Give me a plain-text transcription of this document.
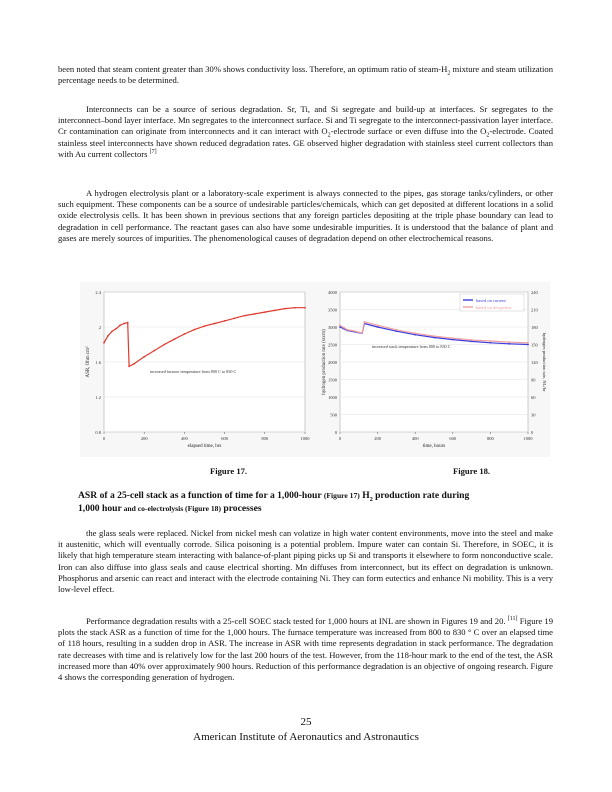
been noted that steam content greater than 30% shows conductivity loss. Therefore, an optimum ratio of steam-$H_2$ mixture and steam utilization percentage needs to be determined.

Interconnects can be a source of serious degradation. Sr, Ti, and Si segregate and build-up at interfaces. Sr segregates to the interconnect–bond layer interface. Mn segregates to the interconnect surface. Si and Ti segregate to the interconnect-passivation layer interface. Cr contamination can originate from interconnects and it can interact with $O_2$-electrode surface or even diffuse into the $O_2$-electrode. Coated stainless steel interconnects have shown reduced degradation rates. GE observed higher degradation with stainless steel current collectors than with Au current collectors [7]

A hydrogen electrolysis plant or a laboratory-scale experiment is always connected to the pipes, gas storage tanks/cylinders, or other such equipment. These components can be a source of undesirable particles/chemicals, which can get deposited at different locations in a solid oxide electrolysis cells. It has been shown in previous sections that any foreign particles depositing at the triple phase boundary can lead to degradation in cell performance. The reactant gases can also have some undesirable impurities. It is understood that the balance of plant and gases are merely sources of impurities. The phenomenological causes of degradation depend on other electrochemical reasons.

0.8
1.2
1.6
2
2.4
0	200	400	600	800	1000
elapsed time, hrs
ASR, Ohm cm²	increased furnace temperature from 800 C to 830 C
0
500
1000
1500
2000
2500
3000
3500
4000
0	200	400	600	800	1000
0
30
60
90
120
150
180
210
240
time, hours
hydrogen production rate (sccm)	hydrogen production rate, NL/hr
increased stack temperature from 800 to 830 C
based on current
based on dewpoints
Figure 17.	Figure 18.
ASR of a 25-cell stack as a function of time for a 1,000-hour (Figure 17) $H_2$ production rate during
1,000 hour and co-electrolysis (Figure 18) processes

the glass seals were replaced. Nickel from nickel mesh can volatize in high water content environments, move into the steel and make it austenitic, which will eventually corrode. Silica poisoning is a potential problem. Impure water can contain Si. Therefore, in SOEC, it is likely that high temperature steam interacting with balance-of-plant piping picks up Si and transports it elsewhere to form nonconductive scale. Iron can also diffuse into glass seals and cause electrical shorting. Mn diffuses from interconnect, but its effect on degradation is unknown. Phosphorus and arsenic can react and interact with the electrode containing Ni. They can form eutectics and enhance Ni mobility. This is a very low-level effect.

Performance degradation results with a 25-cell SOEC stack tested for 1,000 hours at INL are shown in Figures 19 and 20. [11] Figure 19 plots the stack ASR as a function of time for the 1,000 hours. The furnace temperature was increased from 800 to 830 ° C over an elapsed time of 118 hours, resulting in a sudden drop in ASR. The increase in ASR with time represents degradation in stack performance. The degradation rate decreases with time and is relatively low for the last 200 hours of the test. However, from the 118-hour mark to the end of the test, the ASR increased more than 40% over approximately 900 hours. Reduction of this performance degradation is an objective of ongoing research. Figure 4 shows the corresponding generation of hydrogen.

25
American Institute of Aeronautics and Astronautics
